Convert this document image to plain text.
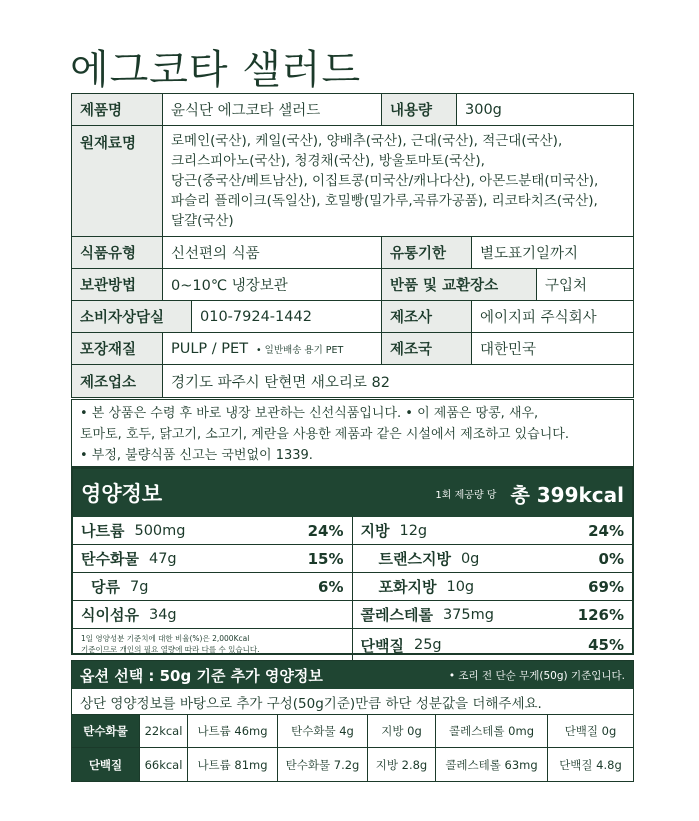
에그코타 샐러드
제품명	윤식단 에그코타 샐러드	내용량	300g
원재료명	로메인(국산), 케일(국산), 양배추(국산), 근대(국산), 적근대(국산),
크리스피아노(국산), 청경채(국산), 방울토마토(국산),
당근(중국산/베트남산), 이집트콩(미국산/캐나다산), 아몬드분태(미국산),
파슬리 플레이크(독일산), 호밀빵(밀가루,곡류가공품), 리코타치즈(국산),
달걀(국산)
식품유형	신선편의 식품	유통기한	별도표기일까지
보관방법	0~10℃ 냉장보관	반품 및 교환장소	구입처
소비자상담실	010-7924-1442	제조사	에이지피 주식회사
포장재질	PULP / PET • 일반배송 용기 PET	제조국	대한민국
제조업소	경기도 파주시 탄현면 새오리로 82
• 본 상품은 수령 후 바로 냉장 보관하는 신선식품입니다. • 이 제품은 땅콩, 새우,
토마토, 호두, 닭고기, 소고기, 계란을 사용한 제품과 같은 시설에서 제조하고 있습니다.
• 부정, 불량식품 신고는 국번없이 1339.
영양정보	1회 제공량 당 총 399kcal
나트륨 500mg	24%
탄수화물 47g	15%
당류 7g	6%
식이섬유 34g
1일 영양성분 기준치에 대한 비율(%)은 2,000Kcal
기준이므로 개인의 필요 열량에 따라 다를 수 있습니다.
지방 12g	24%
트랜스지방 0g	0%
포화지방 10g	69%
콜레스테롤 375mg	126%
단백질 25g	45%
옵션 선택 : 50g 기준 추가 영양정보	• 조리 전 단순 무게(50g) 기준입니다.
상단 영양정보를 바탕으로 추가 구성(50g기준)만큼 하단 성분값을 더해주세요.
탄수화물	22kcal	나트륨 46mg	탄수화물 4g	지방 0g	콜레스테롤 0mg	단백질 0g
단백질	66kcal	나트륨 81mg	탄수화물 7.2g	지방 2.8g	콜레스테롤 63mg	단백질 4.8g
